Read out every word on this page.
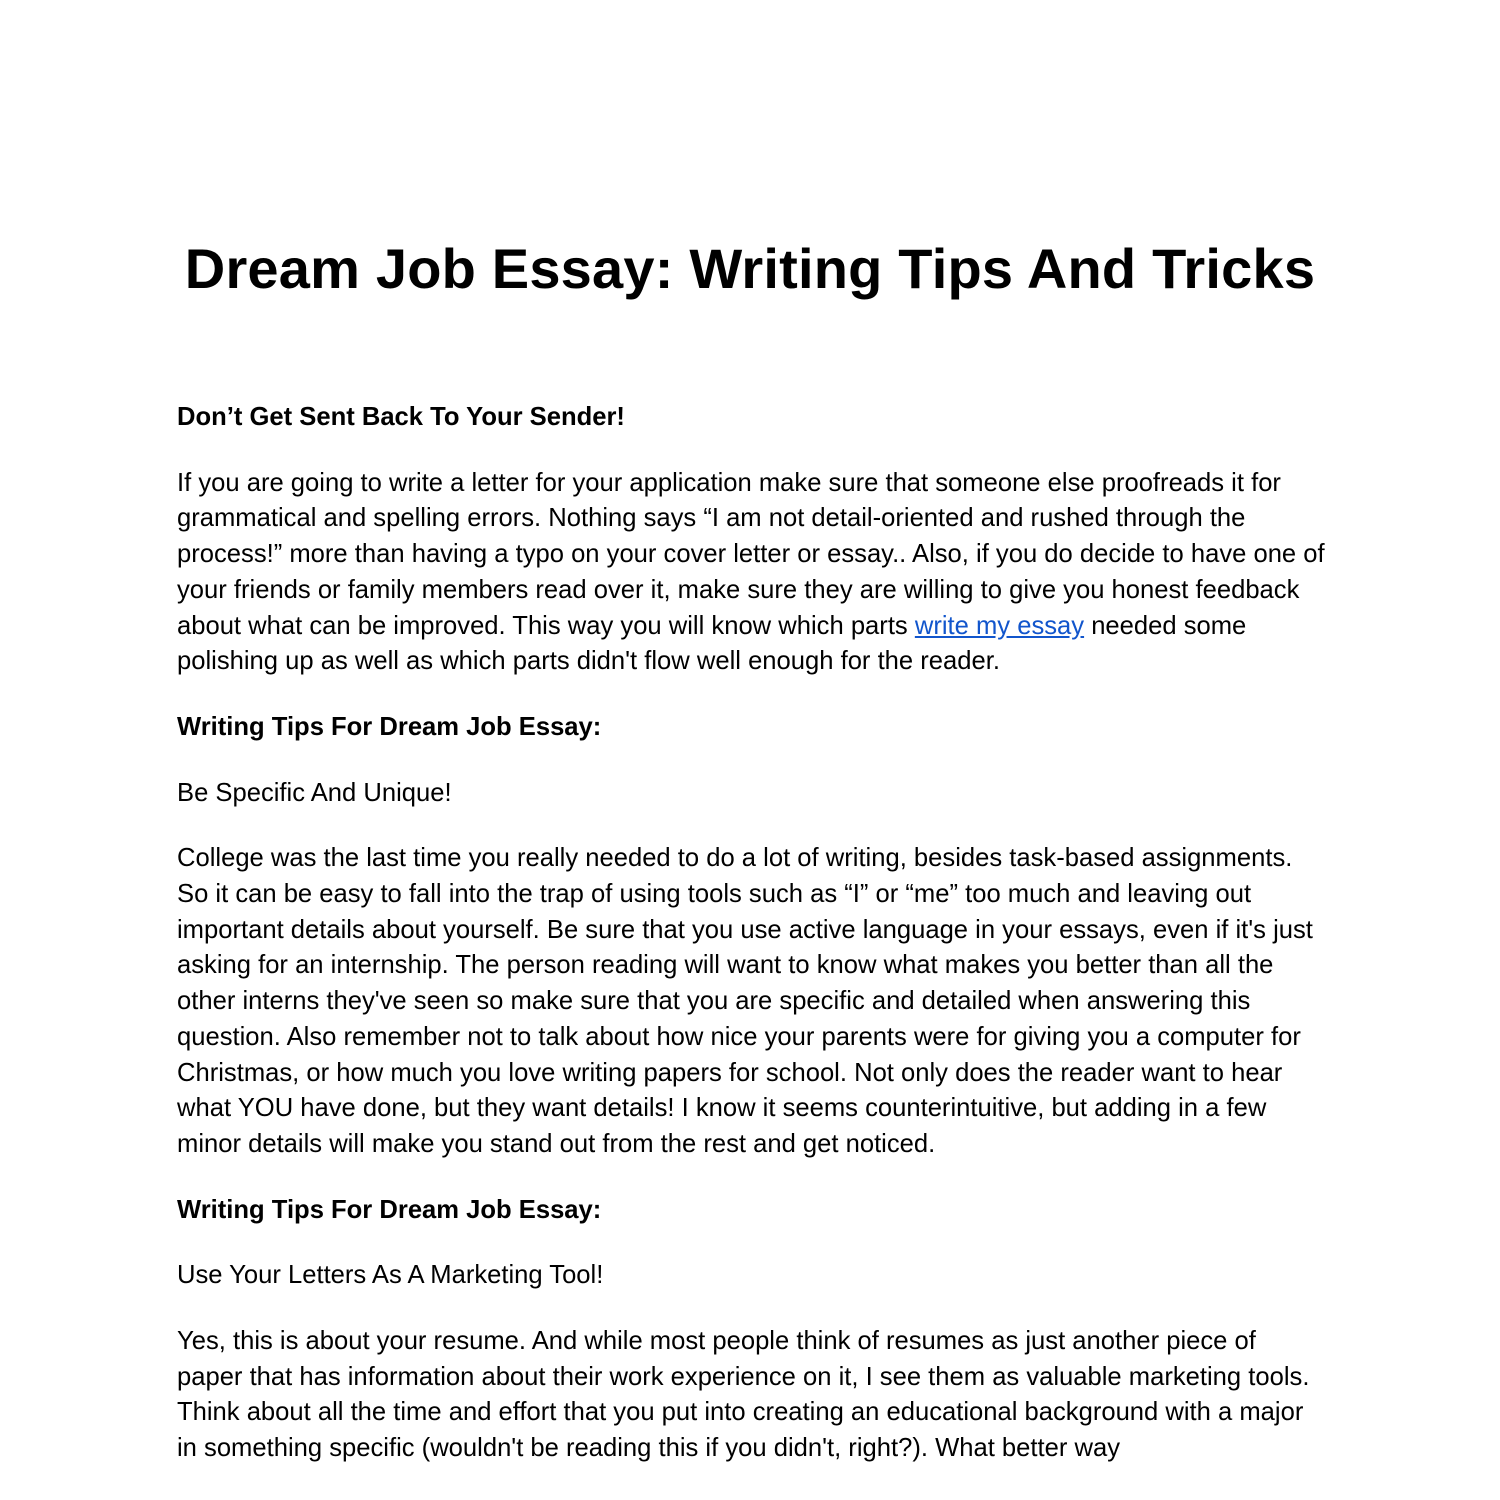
Dream Job Essay: Writing Tips And Tricks

Don’t Get Sent Back To Your Sender!

If you are going to write a letter for your application make sure that someone else proofreads it for grammatical and spelling errors. Nothing says “I am not detail-oriented and rushed through the process!” more than having a typo on your cover letter or essay.. Also, if you do decide to have one of your friends or family members read over it, make sure they are willing to give you honest feedback about what can be improved. This way you will know which parts write my essay needed some polishing up as well as which parts didn't flow well enough for the reader.

Writing Tips For Dream Job Essay:

Be Specific And Unique!

College was the last time you really needed to do a lot of writing, besides task-based assignments. So it can be easy to fall into the trap of using tools such as “I” or “me” too much and leaving out important details about yourself. Be sure that you use active language in your essays, even if it's just asking for an internship. The person reading will want to know what makes you better than all the other interns they've seen so make sure that you are specific and detailed when answering this question. Also remember not to talk about how nice your parents were for giving you a computer for Christmas, or how much you love writing papers for school. Not only does the reader want to hear what YOU have done, but they want details! I know it seems counterintuitive, but adding in a few minor details will make you stand out from the rest and get noticed.

Writing Tips For Dream Job Essay:

Use Your Letters As A Marketing Tool!

Yes, this is about your resume. And while most people think of resumes as just another piece of paper that has information about their work experience on it, I see them as valuable marketing tools. Think about all the time and effort that you put into creating an educational background with a major in something specific (wouldn't be reading this if you didn't, right?). What better way
